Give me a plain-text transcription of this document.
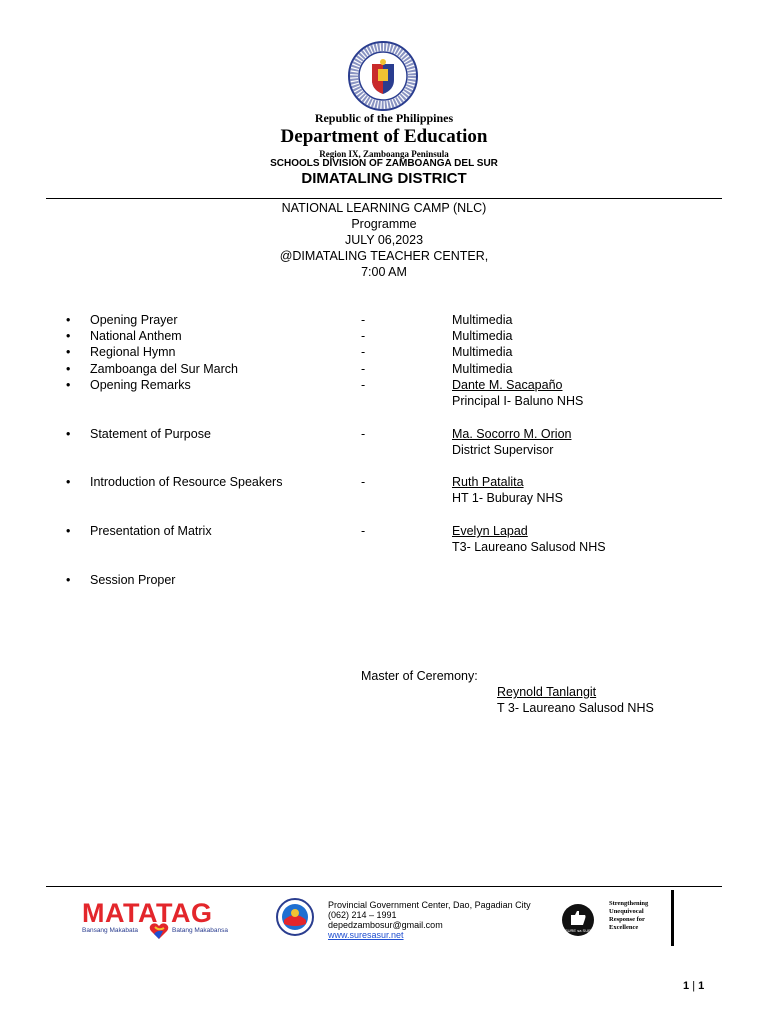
Republic of the Philippines
Department of Education
Region IX, Zamboanga Peninsula
SCHOOLS DIVISION OF ZAMBOANGA DEL SUR
DIMATALING DISTRICT
NATIONAL LEARNING CAMP (NLC)
Programme
JULY 06,2023
@DIMATALING TEACHER CENTER,
7:00 AM
• Opening Prayer	-	Multimedia
• National Anthem	-	Multimedia
• Regional Hymn	-	Multimedia
• Zamboanga del Sur March	-	Multimedia
• Opening Remarks	-	Dante M. Sacapaño
Principal I- Baluno NHS
• Statement of Purpose	-	Ma. Socorro M. Orion
District Supervisor
• Introduction of Resource Speakers	-	Ruth Patalita
HT 1- Buburay NHS
• Presentation of Matrix	-	Evelyn Lapad
T3- Laureano Salusod NHS
• Session Proper
Master of Ceremony:
Reynold Tanlangit
T 3- Laureano Salusod NHS
MATATAG
Bansang Makabata	Batang Makabansa
Provincial Government Center, Dao, Pagadian City
(062) 214 – 1991
depedzambosur@gmail.com
www.suresasur.net	SURE sa SUR
Strengthening
Unequivocal
Response for
Excellence
1 | 1
